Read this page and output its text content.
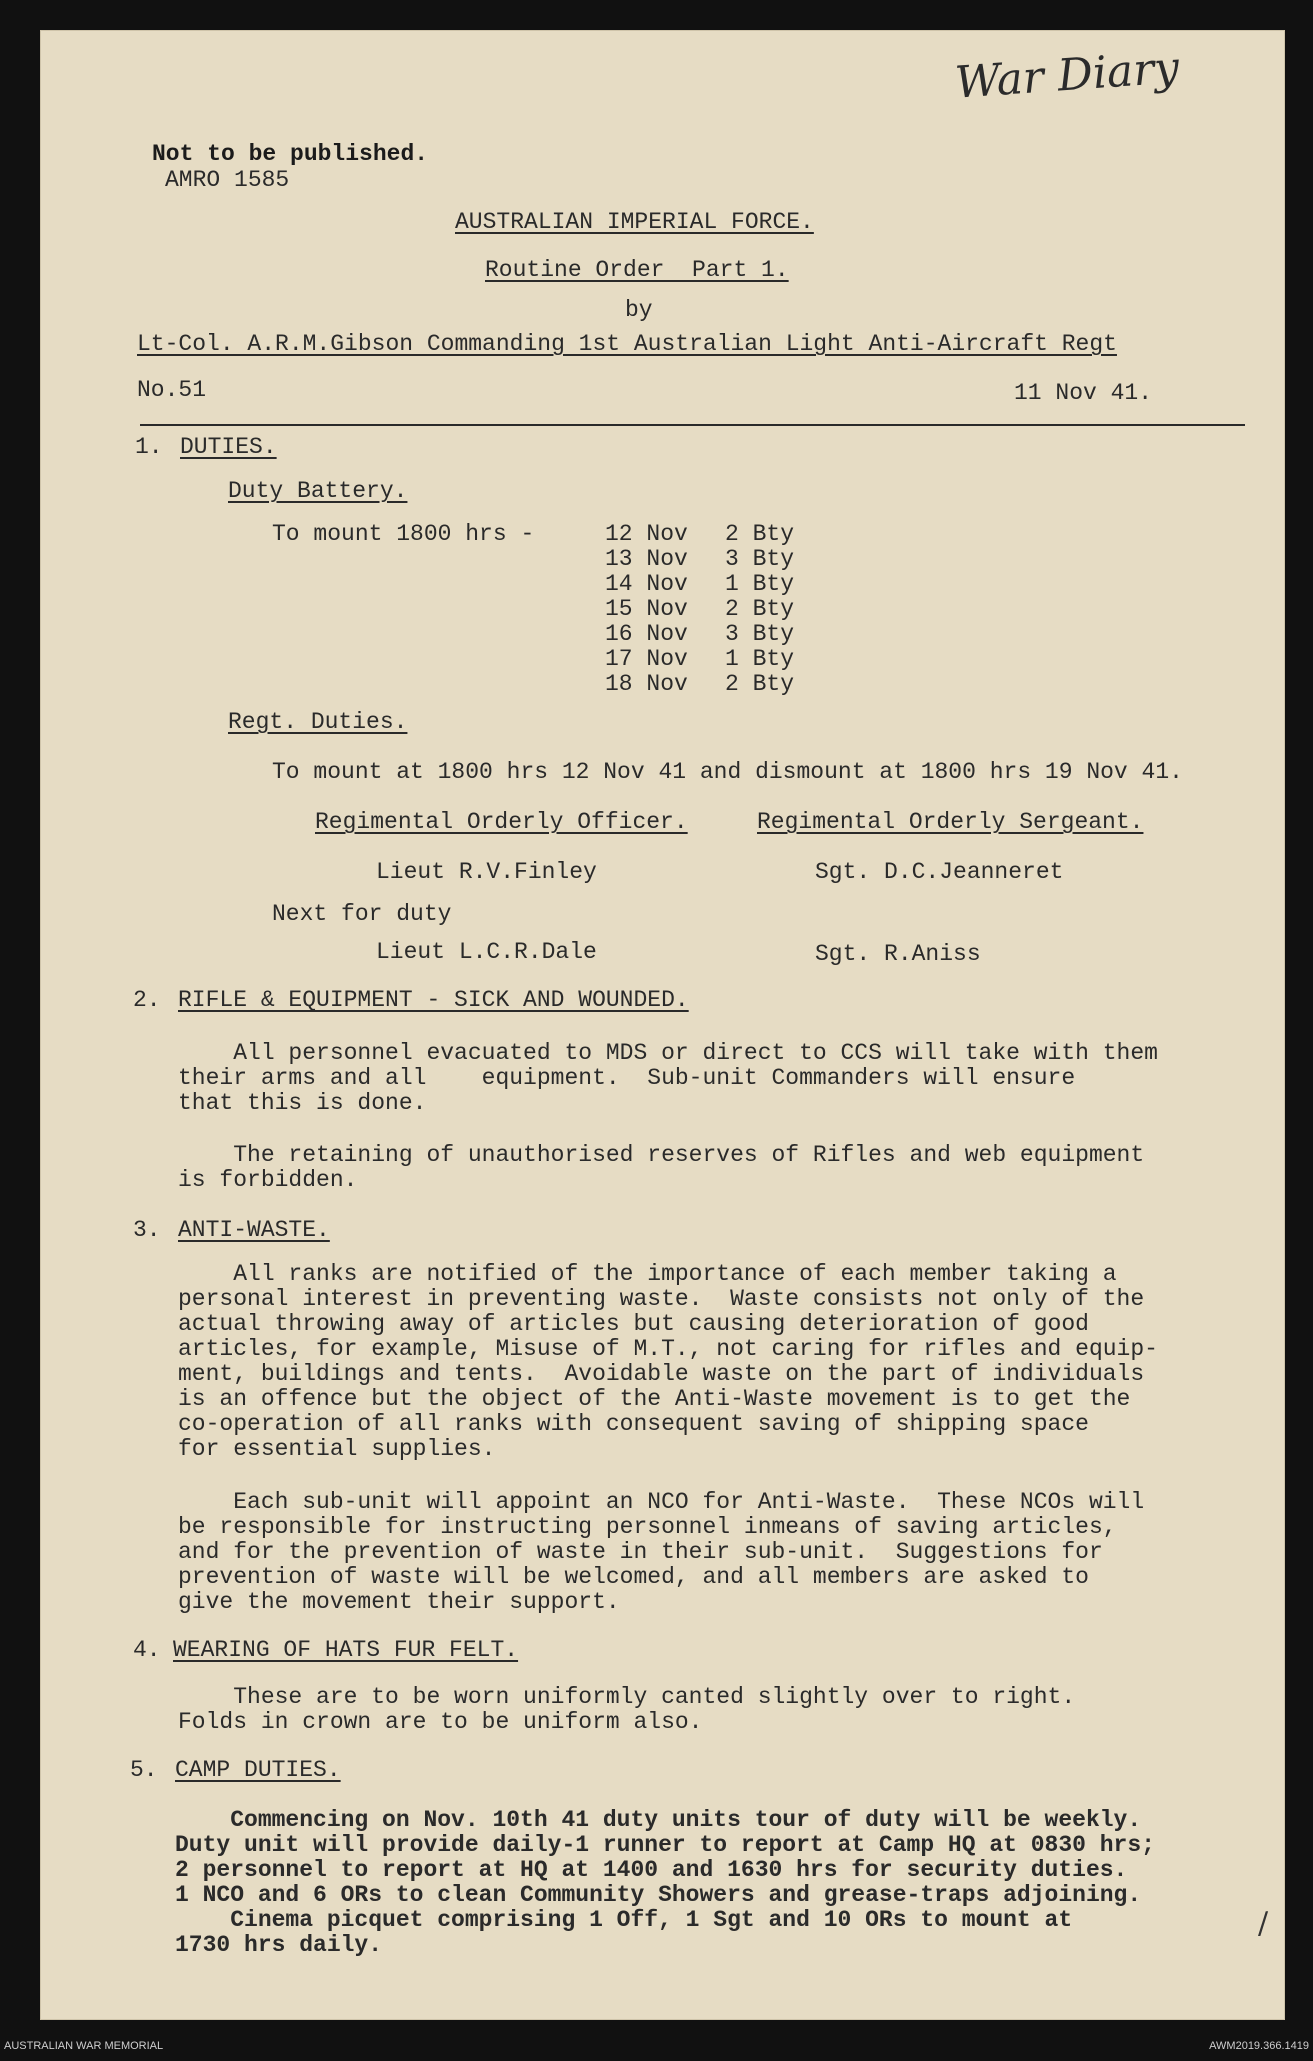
War Diary
Not to be published.
AMRO 1585
AUSTRALIAN IMPERIAL FORCE.
Routine Order  Part 1.
by
Lt-Col. A.R.M.Gibson Commanding 1st Australian Light Anti-Aircraft Regt
No.51	11 Nov 41.
1. DUTIES.
Duty Battery.
To mount 1800 hrs -	12 Nov	2 Bty
13 Nov	3 Bty
14 Nov	1 Bty
15 Nov	2 Bty
16 Nov	3 Bty
17 Nov	1 Bty
18 Nov	2 Bty
Regt. Duties.
To mount at 1800 hrs 12 Nov 41 and dismount at 1800 hrs 19 Nov 41.
Regimental Orderly Officer.	Regimental Orderly Sergeant.
Lieut R.V.Finley	Sgt. D.C.Jeanneret
Next for duty
Lieut L.C.R.Dale	Sgt. R.Aniss
2. RIFLE & EQUIPMENT - SICK AND WOUNDED.
All personnel evacuated to MDS or direct to CCS will take with them
their arms and all    equipment.  Sub-unit Commanders will ensure
that this is done.
The retaining of unauthorised reserves of Rifles and web equipment
is forbidden.
3. ANTI-WASTE.
All ranks are notified of the importance of each member taking a
personal interest in preventing waste.  Waste consists not only of the
actual throwing away of articles but causing deterioration of good
articles, for example, Misuse of M.T., not caring for rifles and equip-
ment, buildings and tents.  Avoidable waste on the part of individuals
is an offence but the object of the Anti-Waste movement is to get the
co-operation of all ranks with consequent saving of shipping space
for essential supplies.
Each sub-unit will appoint an NCO for Anti-Waste.  These NCOs will
be responsible for instructing personnel inmeans of saving articles,
and for the prevention of waste in their sub-unit.  Suggestions for
prevention of waste will be welcomed, and all members are asked to
give the movement their support.
4. WEARING OF HATS FUR FELT.
These are to be worn uniformly canted slightly over to right.
Folds in crown are to be uniform also.
5. CAMP DUTIES.
Commencing on Nov. 10th 41 duty units tour of duty will be weekly.
Duty unit will provide daily-1 runner to report at Camp HQ at 0830 hrs;
2 personnel to report at HQ at 1400 and 1630 hrs for security duties.
1 NCO and 6 ORs to clean Community Showers and grease-traps adjoining.
Cinema picquet comprising 1 Off, 1 Sgt and 10 ORs to mount at
1730 hrs daily.
/
AUSTRALIAN WAR MEMORIAL	AWM2019.366.1419
